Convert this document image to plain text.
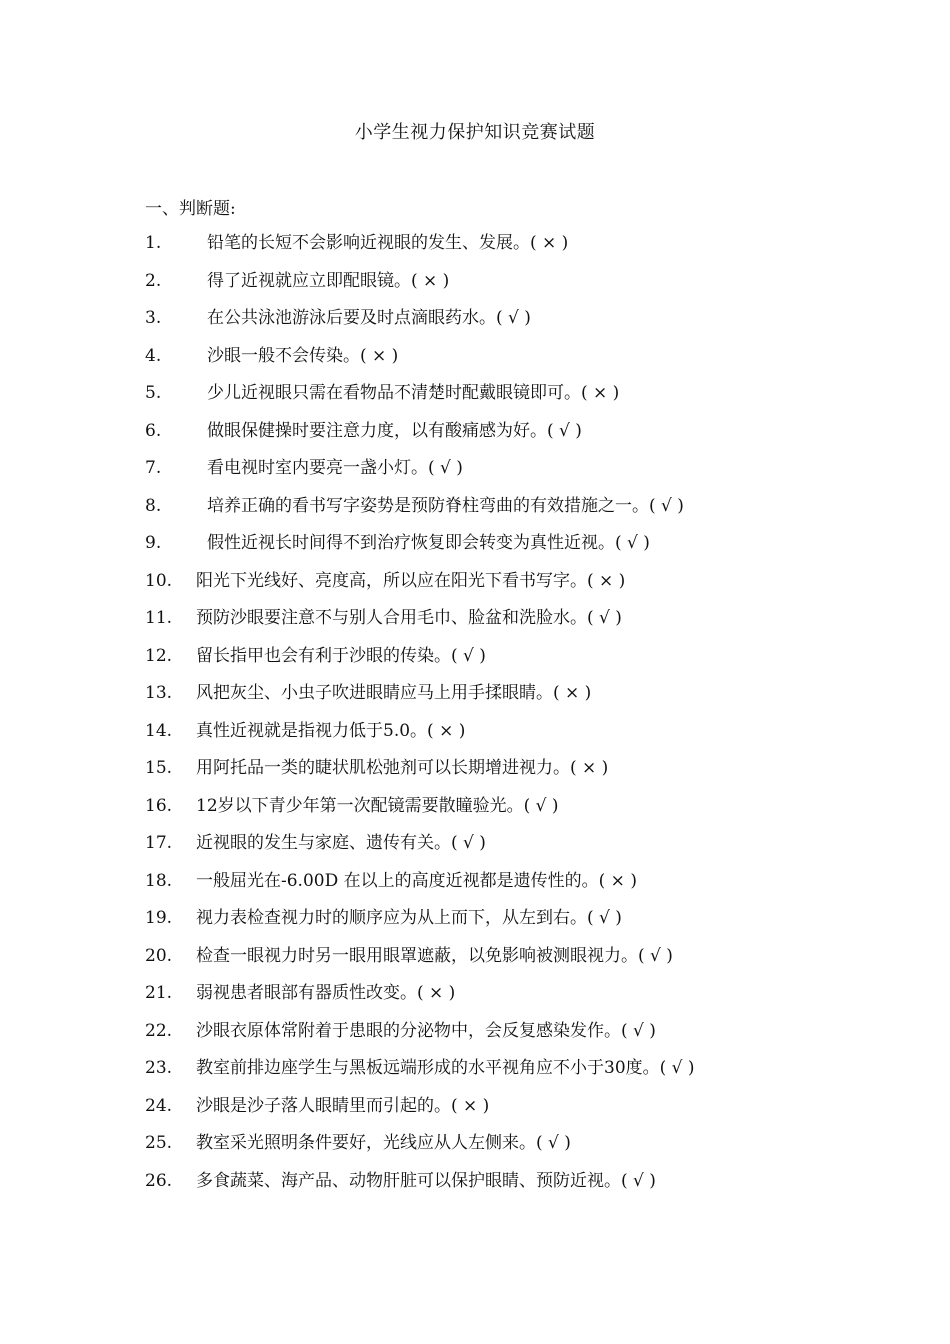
小学生视力保护知识竞赛试题
一、判断题:
1.	铅笔的长短不会影响近视眼的发生、发展。( × )
2.	得了近视就应立即配眼镜。( × )
3.	在公共泳池游泳后要及时点滴眼药水。( √ )
4.	沙眼一般不会传染。( × )
5.	少儿近视眼只需在看物品不清楚时配戴眼镜即可。( × )
6.	做眼保健操时要注意力度，以有酸痛感为好。( √ )
7.	看电视时室内要亮一盏小灯。( √ )
8.	培养正确的看书写字姿势是预防脊柱弯曲的有效措施之一。( √ )
9.	假性近视长时间得不到治疗恢复即会转变为真性近视。( √ )
10.	阳光下光线好、亮度高，所以应在阳光下看书写字。( × )
11.	预防沙眼要注意不与别人合用毛巾、脸盆和洗脸水。( √ )
12.	留长指甲也会有利于沙眼的传染。( √ )
13.	风把灰尘、小虫子吹进眼睛应马上用手揉眼睛。( × )
14.	真性近视就是指视力低于5.0。( × )
15.	用阿托品一类的睫状肌松弛剂可以长期增进视力。( × )
16.	12岁以下青少年第一次配镜需要散瞳验光。( √ )
17.	近视眼的发生与家庭、遗传有关。( √ )
18.	一般屈光在-6.00D 在以上的高度近视都是遗传性的。( × )
19.	视力表检查视力时的顺序应为从上而下，从左到右。( √ )
20.	检查一眼视力时另一眼用眼罩遮蔽，以免影响被测眼视力。( √ )
21.	弱视患者眼部有器质性改变。( × )
22.	沙眼衣原体常附着于患眼的分泌物中，会反复感染发作。( √ )
23.	教室前排边座学生与黑板远端形成的水平视角应不小于30度。( √ )
24.	沙眼是沙子落人眼睛里而引起的。( × )
25.	教室采光照明条件要好，光线应从人左侧来。( √ )
26.	多食蔬菜、海产品、动物肝脏可以保护眼睛、预防近视。( √ )
